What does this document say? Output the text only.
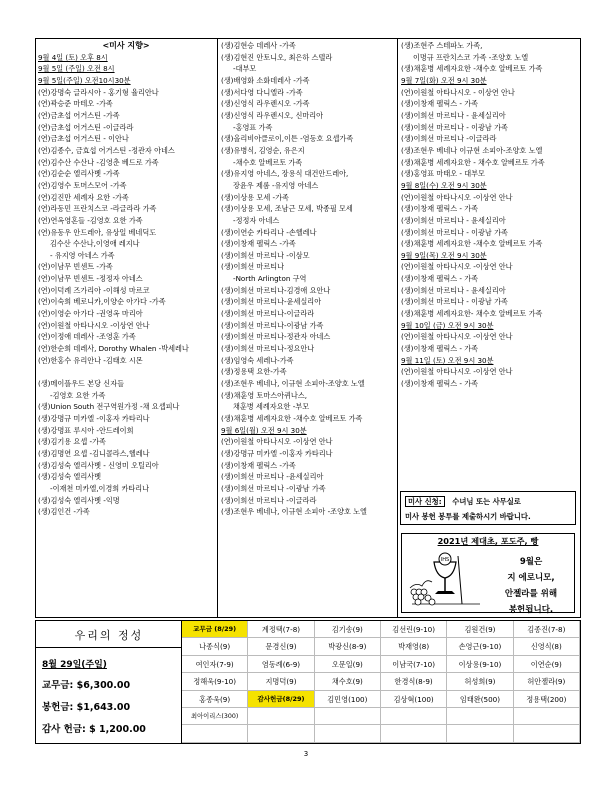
<미사 지향>
9월 4일 (토) 오후 8시
9월 5일 (주일) 오전 8시
9월 5일(주일) 오전10시30분
(연)강명숙 글라시아 - 홍기형 율리안나
(연)곽승준 마테오 -가족
(연)금초섭 어거스틴 -가족
(연)금초섭 어거스틴 -이글라라
(연)금초섭 어거스틴 - 이안나
(연)김종수, 금효섭 어거스틴 -정관자 아네스
(연)김수산 수산나 -김영춘 베드로 가족
(연)김순순 엘리사벳 -가족
(연)김영수 토머스모어 -가족
(연)김진만 세례자 요한 -가족
(연)라동민 프란치스코 -라글라라 가족
(연)연옥영혼들 -김영호 요한 가족
(연)유동우 안드레아, 유상일 베네딕도
김수산 수산나,이영애 레지나
- 유지영 아네스 가족
(연)이남무 빈센트 -가족
(연)이남무 빈센트 -정정자 아네스
(연)이덕례 즈가리아 -이해성 마르코
(연)이숙희 베로니카,이양순 아가다 -가족
(연)이영순 아가다 -권영옥 마리아
(연)이원철 아타나시오 -이상연 안나
(연)이정애 데레사 -조영훈 가족
(연)한순희 데레사, Dorothy Whalen -박세레나
(연)한홍수 유리안나 -김태호 시몬
(생)메이플우드 본당 신자들
-김영호 요한 가족
(생)Union South 전구역원가정 -채 요셉피나
(생)강명규 미카엘 -이홍자 카타리나
(생)강명표 루시아 -안드레이희
(생)김기용 요셉 -가족
(생)김명연 요셉 -김니콜라스,헬레나
(생)김성숙 엘리사벳 - 신영미 오틸리아
(생)김성숙 엘리사벳
-이재천 미카엘,이경희 카타리나
(생)김성숙 엘리사벳 -익명
(생)김인건 -가족
(생)김현승 데레사 -가족
(생)김현진 안토니오, 최은하 스텔라
-대부모
(생)배영화 소화데레사 -가족
(생)서다영 다니엘라 -가족
(생)신영식 라우렌시오 -가족
(생)신영식 라우렌시오, 신마리아
-홍영표 가족
(생)올리비아클로이,이튼 -염동호 요셉가족
(생)유병식, 김영순, 유은지
-채수호 알베르토 가족
(생)유지영 아네스, 장용식 대건안드레아,
장윤우 제롬 -유지영 아네스
(생)이상용 모세 -가족
(생)이상용 모세, 조남근 모세, 박종필 모세
-정정자 아네스
(생)이연순 카타리나 -손헬레나
(생)이창재 펠릭스 -가족
(생)이희선 마르티나 -이삼모
(생)이희선 마르티나
-North Arlington 구역
(생)이희선 마르티나-김경애 요안나
(생)이희선 마르티나-윤세실리아
(생)이희선 마르티나-이글라라
(생)이희선 마르티나-이광남 가족
(생)이희선 마르티나-정관자 아네스
(생)이희선 마르티나-정요안나
(생)임영숙 세레나-가족
(생)정용택 요한-가족
(생)조현우 베네나, 이규현 소피아-조양호 노엘
(생)채훈영 토마스아퀴나스,
채훈병 세례자요한 -부모
(생)채훈병 세례자요한 -채수호 알베르토 가족
9월 6일(월) 오전 9시 30분
(연)이원철 아타나시오 -이상연 안나
(생)강명규 미카엘 -이홍자 카타리나
(생)이창재 펠릭스 -가족
(생)이희선 마르티나 -윤세실리아
(생)이희선 마르티나 -이광남 가족
(생)이희선 마르티나 -이글라라
(생)조현우 베네나, 이규현 소피아 -조양호 노엘
(생)조현주 스테파노 가족,
이명규 프란치스코 가족 -조양호 노엘
(생)채훈병 세례자요한 -채수호 알베르토 가족
9월 7일(화) 오전 9시 30분
(연)이원철 아타나시오 - 이상연 안나
(생)이창재 펠릭스 - 가족
(생)이희선 마르티나 - 윤세실리아
(생)이희선 마르티나 - 이광남 가족
(생)이희선 마르티나 -이글라라
(생)조현우 베네나 이규현 소피아-조양호 노엘
(생)채훈병 세례자요한 - 채수호 알베르토 가족
(생)홍영표 마태오 - 대부모
9월 8일(수) 오전 9시 30분
(연)이원철 아타나시오 -이상연 안나
(생)이창재 펠릭스 - 가족
(생)이희선 마르티나 - 윤세실리아
(생)이희선 마르티나 - 이광남 가족
(생)채훈병 세례자요한 -채수호 알베르토 가족
9월 9일(목) 오전 9시 30분
(연)이원철 아타나시오 -이상연 안나
(생)이창재 펠릭스 - 가족
(생)이희선 마르티나 - 윤세실리아
(생)이희선 마르티나 - 이광남 가족
(생)채훈병 세례자요한- 채수호 알베르토 가족
9월 10일 (금) 오전 9시 30분
(연)이원철 아타나시오 -이상연 안나
(생)이창재 펠릭스 - 가족
9월 11일 (토) 오전 9시 30분
(연)이원철 아타나시오 -이상연 안나
(생)이창재 펠릭스 - 가족
미사 신청: 수녀님 또는 사무실로
미사 봉헌 봉투를 제출하시기 바랍니다.
2021년 제대초, 포도주, 빵
IHS	9월은
지 에로니모,
안젤라를 위해
봉헌됩니다.
우리의 정성
8월 29일(주일)
교무금: $6,300.00
봉헌금: $1,643.00
감사 헌금: $ 1,200.00
교무금 (8/29)	계정택(7-8)	김기송(9)	김선린(9-10)	김원건(9)	김종진(7-8)
나종식(9)	문경신(9)	박광신(8-9)	박재영(8)	손영근(9-10)	신영식(8)
여인자(7-9)	염동례(6-9)	오문일(9)	이남국(7-10)	이상용(9-10)	이연순(9)
정해욱(9-10)	지명덕(9)	채수호(9)	한경식(8-9)	허성희(9)	허안젤라(9)
홍종욱(9)	감사헌금(8/29)	김민영(100)	김상혁(100)	임태완(500)	정용택(200)
최아이리스(300)
3
